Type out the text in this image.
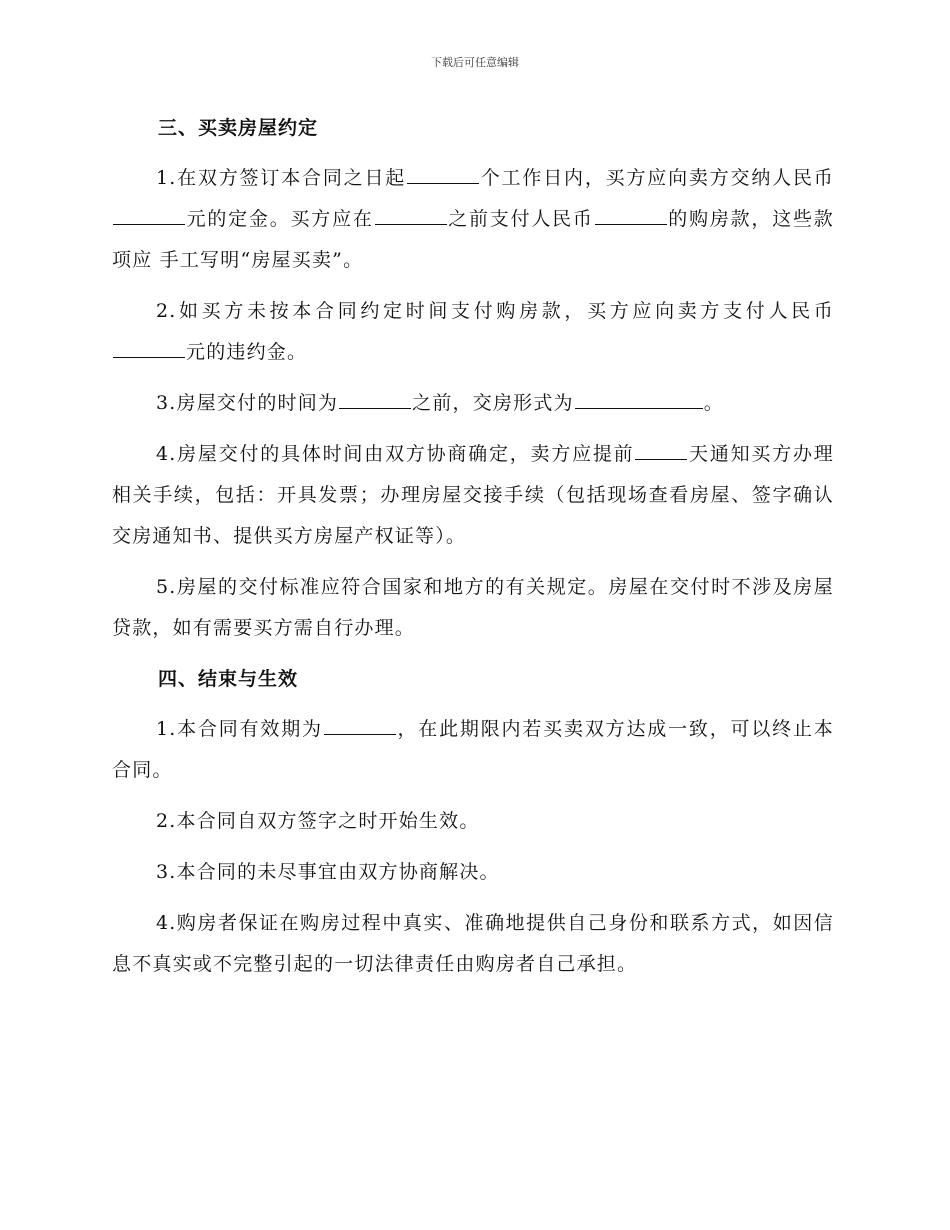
下载后可任意编辑
三、买卖房屋约定

1.在双方签订本合同之日起	个工作日内，买方应向卖方交纳人民币元的定金。买方应在	之前支付人民币	的购房款，这些款项应 手工写明“房屋买卖”。

2.如买方未按本合同约定时间支付购房款，买方应向卖方支付人民币元的违约金。

3.房屋交付的时间为	之前，交房形式为	。

4.房屋交付的具体时间由双方协商确定，卖方应提前	天通知买方办理相关手续，包括：开具发票；办理房屋交接手续（包括现场查看房屋、签字确认交房通知书、提供买方房屋产权证等）。

5.房屋的交付标准应符合国家和地方的有关规定。房屋在交付时不涉及房屋贷款，如有需要买方需自行办理。

四、结束与生效

1.本合同有效期为	，在此期限内若买卖双方达成一致，可以终止本合同。

2.本合同自双方签字之时开始生效。

3.本合同的未尽事宜由双方协商解决。

4.购房者保证在购房过程中真实、准确地提供自己身份和联系方式，如因信息不真实或不完整引起的一切法律责任由购房者自己承担。
